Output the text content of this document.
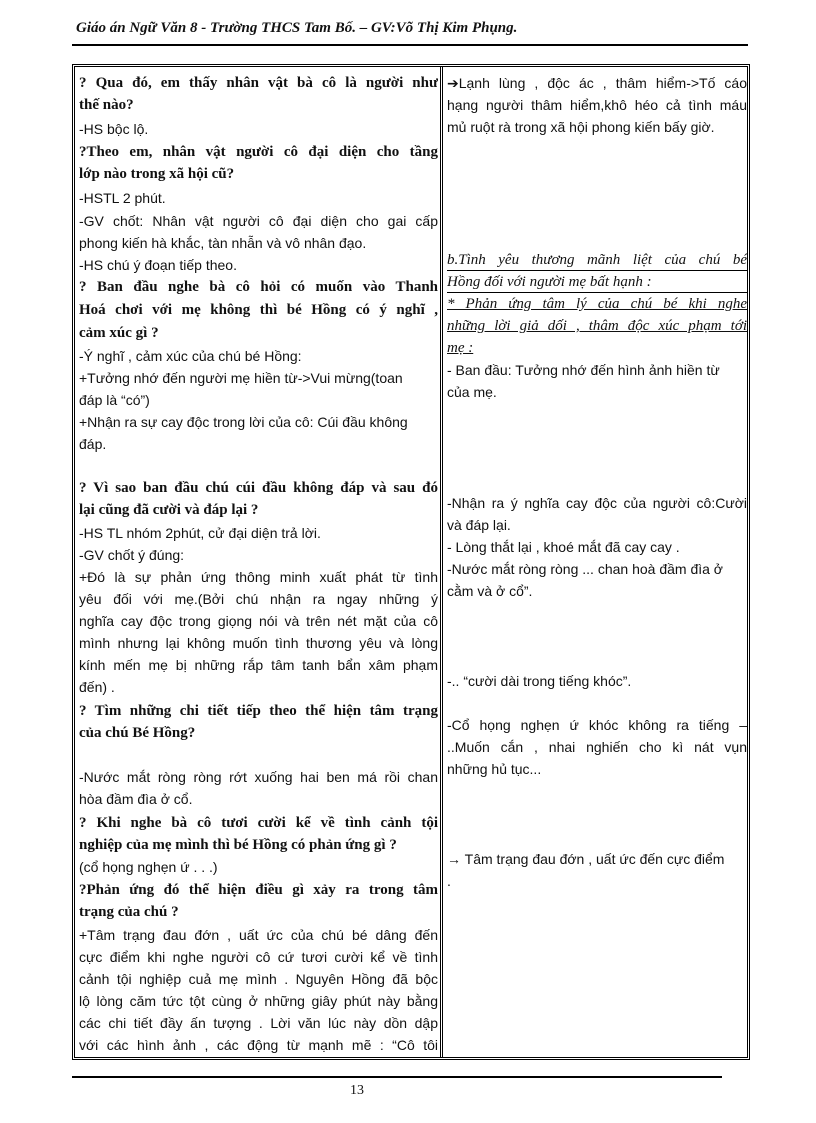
Giáo án Ngữ Văn 8 - Trường THCS Tam Bố. – GV:Võ Thị Kim Phụng.
? Qua đó, em thấy nhân vật bà cô là người như
thế nào?
-HS bộc lộ.
?Theo em, nhân vật người cô đại diện cho tầng
lớp nào trong xã hội cũ?
-HSTL 2 phút.
-GV chốt: Nhân vật người cô đại diện cho gai cấp
phong kiến hà khắc, tàn nhẫn và vô nhân đạo.
-HS chú ý đoạn tiếp theo.
? Ban đầu nghe bà cô hỏi có muốn vào Thanh
Hoá chơi với mẹ không thì bé Hồng có ý nghĩ ,
cảm xúc gì ?
-Ý nghĩ , cảm xúc của chú bé Hồng:
+Tưởng nhớ đến người mẹ hiền từ->Vui mừng(toan
đáp là “có”)
+Nhận ra sự cay độc trong lời của cô: Cúi đầu không
đáp.
? Vì sao ban đầu chú cúi đầu không đáp và sau đó
lại cũng đã cười và đáp lại ?
-HS TL nhóm 2phút, cử đại diện trả lời.
-GV chốt ý đúng:
+Đó là sự phản ứng thông minh xuất phát từ tình
yêu đối với mẹ.(Bởi chú nhận ra ngay những ý
nghĩa cay độc trong giọng nói và trên nét mặt của cô
mình nhưng lại không muốn tình thương yêu và lòng
kính mến mẹ bị những rắp tâm tanh bẩn xâm phạm
đến) .
? Tìm những chi tiết tiếp theo thể hiện tâm trạng
của chú Bé Hồng?
-Nước mắt ròng ròng rớt xuống hai ben má rồi chan
hòa đầm đìa ở cổ.
? Khi nghe bà cô tươi cười kể về tình cảnh tội
nghiệp của mẹ mình thì bé Hồng có phản ứng gì ?
(cổ họng nghẹn ứ . . .)
?Phản ứng đó thể hiện điều gì xảy ra trong tâm
trạng của chú ?
+Tâm trạng đau đớn , uất ức của chú bé dâng đến
cực điểm khi nghe người cô cứ tươi cười kể về tình
cảnh tội nghiệp cuả mẹ mình . Nguyên Hồng đã bộc
lộ lòng căm tức tột cùng ở những giây phút này bằng
các chi tiết đầy ấn tượng . Lời văn lúc này dồn dập
với các hình ảnh , các động từ mạnh mẽ : “Cô tôi
➔Lạnh lùng , độc ác , thâm hiểm->Tố cáo
hạng người thâm hiểm,khô héo cả tình máu
mủ ruột rà trong xã hội phong kiến bấy giờ.
b.Tình yêu thương mãnh liệt của chú bé
Hồng đối với người mẹ bất hạnh :
* Phản ứng tâm lý của chú bé khi nghe
những lời giả dối , thâm độc xúc phạm tới
mẹ :
- Ban đầu: Tưởng nhớ đến hình ảnh hiền từ
của mẹ.
-Nhận ra ý nghĩa cay độc của người cô:Cười
và đáp lại.
- Lòng thắt lại , khoé mắt đã cay cay .
-Nước mắt ròng ròng ... chan hoà đầm đìa ở
cằm và ở cổ”.
-.. “cười dài trong tiếng khóc”.
-Cổ họng nghẹn ứ khóc không ra tiếng –
..Muốn cắn , nhai nghiến cho kì nát vụn
những hủ tục...
→ Tâm trạng đau đớn , uất ức đến cực điểm
.
13
